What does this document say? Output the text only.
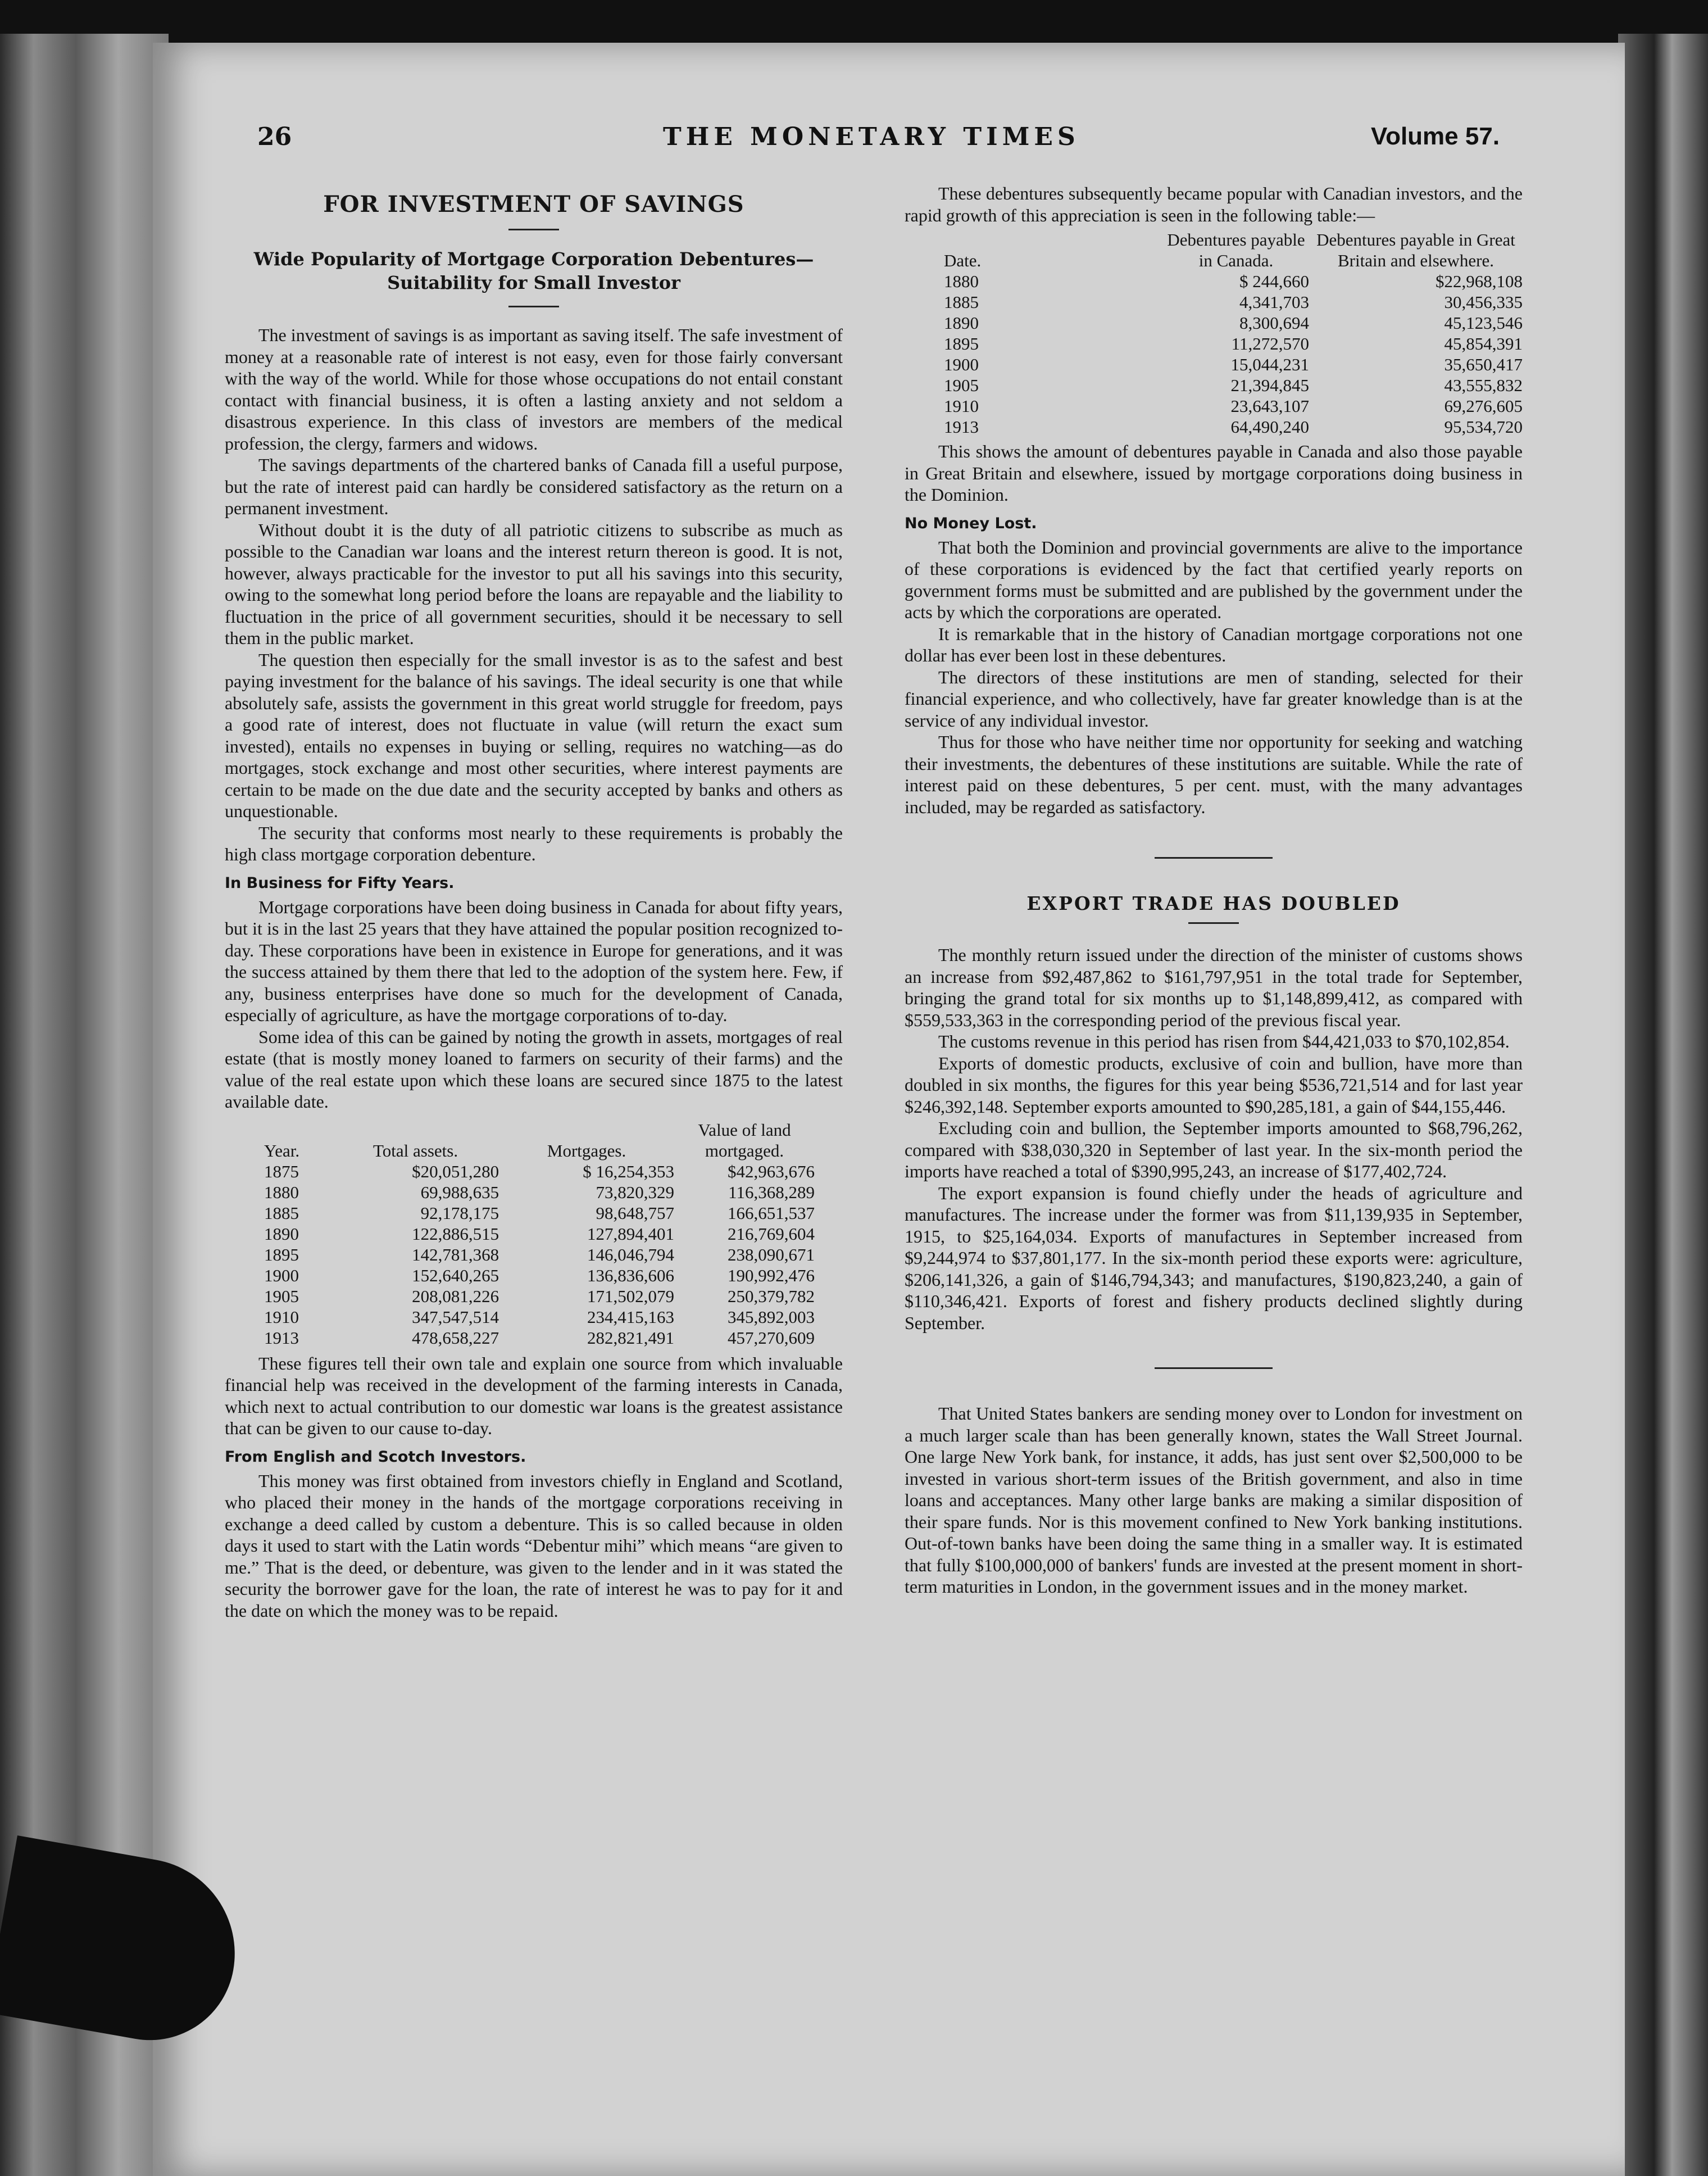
26	THE MONETARY TIMES	Volume 57.
FOR INVESTMENT OF SAVINGS
Wide Popularity of Mortgage Corporation Debentures—
Suitability for Small Investor

The investment of savings is as important as saving itself. The safe investment of money at a reasonable rate of interest is not easy, even for those fairly conversant with the way of the world. While for those whose occupations do not entail constant contact with financial business, it is often a lasting anxiety and not seldom a disastrous experience. In this class of investors are members of the medical profession, the clergy, farmers and widows.

The savings departments of the chartered banks of Canada fill a useful purpose, but the rate of interest paid can hardly be considered satisfactory as the return on a permanent investment.

Without doubt it is the duty of all patriotic citizens to subscribe as much as possible to the Canadian war loans and the interest return thereon is good. It is not, however, always practicable for the investor to put all his savings into this security, owing to the somewhat long period before the loans are repayable and the liability to fluctuation in the price of all government securities, should it be necessary to sell them in the public market.

The question then especially for the small investor is as to the safest and best paying investment for the balance of his savings. The ideal security is one that while absolutely safe, assists the government in this great world struggle for freedom, pays a good rate of interest, does not fluctuate in value (will return the exact sum invested), entails no expenses in buying or selling, requires no watching—as do mortgages, stock exchange and most other securities, where interest payments are certain to be made on the due date and the security accepted by banks and others as unquestionable.

The security that conforms most nearly to these requirements is probably the high class mortgage corporation debenture.

In Business for Fifty Years.

Mortgage corporations have been doing business in Canada for about fifty years, but it is in the last 25 years that they have attained the popular position recognized to-day. These corporations have been in existence in Europe for generations, and it was the success attained by them there that led to the adoption of the system here. Few, if any, business enterprises have done so much for the development of Canada, especially of agriculture, as have the mortgage corporations of to-day.

Some idea of this can be gained by noting the growth in assets, mortgages of real estate (that is mostly money loaned to farmers on security of their farms) and the value of the real estate upon which these loans are secured since 1875 to the latest available date.

Year.	Total assets.	Mortgages.	Value of land mortgaged.
1875	$20,051,280	$ 16,254,353	$42,963,676
1880	69,988,635	73,820,329	116,368,289
1885	92,178,175	98,648,757	166,651,537
1890	122,886,515	127,894,401	216,769,604
1895	142,781,368	146,046,794	238,090,671
1900	152,640,265	136,836,606	190,992,476
1905	208,081,226	171,502,079	250,379,782
1910	347,547,514	234,415,163	345,892,003
1913	478,658,227	282,821,491	457,270,609

These figures tell their own tale and explain one source from which invaluable financial help was received in the development of the farming interests in Canada, which next to actual contribution to our domestic war loans is the greatest assistance that can be given to our cause to-day.

From English and Scotch Investors.

This money was first obtained from investors chiefly in England and Scotland, who placed their money in the hands of the mortgage corporations receiving in exchange a deed called by custom a debenture. This is so called because in olden days it used to start with the Latin words “Debentur mihi” which means “are given to me.” That is the deed, or debenture, was given to the lender and in it was stated the security the borrower gave for the loan, the rate of interest he was to pay for it and the date on which the money was to be repaid.

These debentures subsequently became popular with Canadian investors, and the rapid growth of this appreciation is seen in the following table:—

Date.	Debentures payable in Canada.	Debentures payable in Great Britain and elsewhere.
1880	$ 244,660	$22,968,108
1885	4,341,703	30,456,335
1890	8,300,694	45,123,546
1895	11,272,570	45,854,391
1900	15,044,231	35,650,417
1905	21,394,845	43,555,832
1910	23,643,107	69,276,605
1913	64,490,240	95,534,720

This shows the amount of debentures payable in Canada and also those payable in Great Britain and elsewhere, issued by mortgage corporations doing business in the Dominion.

No Money Lost.

That both the Dominion and provincial governments are alive to the importance of these corporations is evidenced by the fact that certified yearly reports on government forms must be submitted and are published by the government under the acts by which the corporations are operated.

It is remarkable that in the history of Canadian mortgage corporations not one dollar has ever been lost in these debentures.

The directors of these institutions are men of standing, selected for their financial experience, and who collectively, have far greater knowledge than is at the service of any individual investor.

Thus for those who have neither time nor opportunity for seeking and watching their investments, the debentures of these institutions are suitable. While the rate of interest paid on these debentures, 5 per cent. must, with the many advantages included, may be regarded as satisfactory.

EXPORT TRADE HAS DOUBLED

The monthly return issued under the direction of the minister of customs shows an increase from $92,487,862 to $161,797,951 in the total trade for September, bringing the grand total for six months up to $1,148,899,412, as compared with $559,533,363 in the corresponding period of the previous fiscal year.

The customs revenue in this period has risen from $44,421,033 to $70,102,854.

Exports of domestic products, exclusive of coin and bullion, have more than doubled in six months, the figures for this year being $536,721,514 and for last year $246,392,148. September exports amounted to $90,285,181, a gain of $44,155,446.

Excluding coin and bullion, the September imports amounted to $68,796,262, compared with $38,030,320 in September of last year. In the six-month period the imports have reached a total of $390,995,243, an increase of $177,402,724.

The export expansion is found chiefly under the heads of agriculture and manufactures. The increase under the former was from $11,139,935 in September, 1915, to $25,164,034. Exports of manufactures in September increased from $9,244,974 to $37,801,177. In the six-month period these exports were: agriculture, $206,141,326, a gain of $146,794,343; and manufactures, $190,823,240, a gain of $110,346,421. Exports of forest and fishery products declined slightly during September.

That United States bankers are sending money over to London for investment on a much larger scale than has been generally known, states the Wall Street Journal. One large New York bank, for instance, it adds, has just sent over $2,500,000 to be invested in various short-term issues of the British government, and also in time loans and acceptances. Many other large banks are making a similar disposition of their spare funds. Nor is this movement confined to New York banking institutions. Out-of-town banks have been doing the same thing in a smaller way. It is estimated that fully $100,000,000 of bankers' funds are invested at the present moment in short-term maturities in London, in the government issues and in the money market.
